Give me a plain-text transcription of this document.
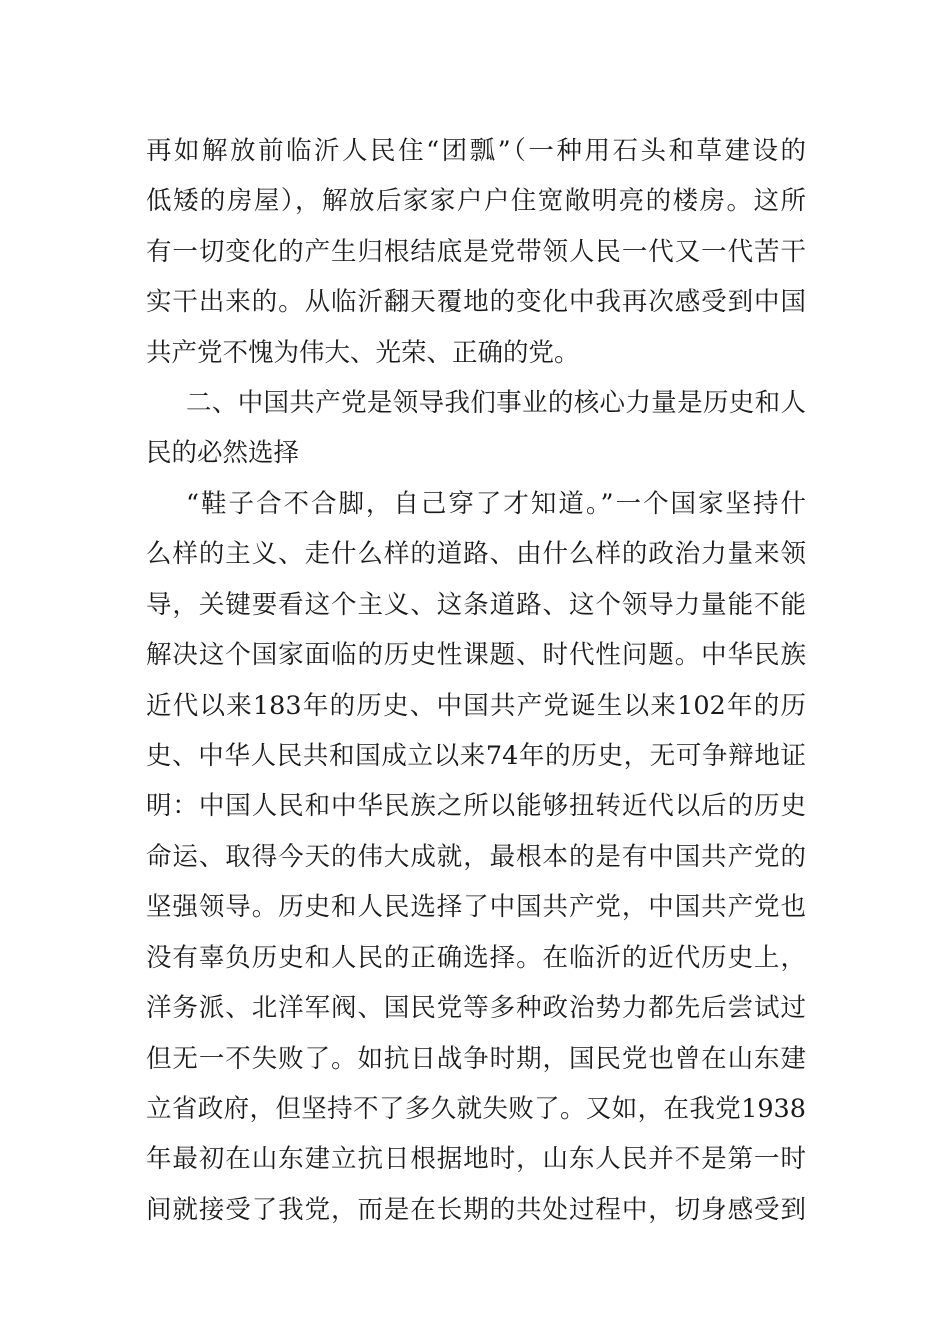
再如解放前临沂人民住“团瓢”（一种用石头和草建设的
低矮的房屋），解放后家家户户住宽敞明亮的楼房。这所
有一切变化的产生归根结底是党带领人民一代又一代苦干
实干出来的。从临沂翻天覆地的变化中我再次感受到中国
共产党不愧为伟大、光荣、正确的党。
二、中国共产党是领导我们事业的核心力量是历史和人
民的必然选择
“鞋子合不合脚，自己穿了才知道。”一个国家坚持什
么样的主义、走什么样的道路、由什么样的政治力量来领
导，关键要看这个主义、这条道路、这个领导力量能不能
解决这个国家面临的历史性课题、时代性问题。中华民族
近代以来183年的历史、中国共产党诞生以来102年的历
史、中华人民共和国成立以来74年的历史，无可争辩地证
明：中国人民和中华民族之所以能够扭转近代以后的历史
命运、取得今天的伟大成就，最根本的是有中国共产党的
坚强领导。历史和人民选择了中国共产党，中国共产党也
没有辜负历史和人民的正确选择。在临沂的近代历史上，
洋务派、北洋军阀、国民党等多种政治势力都先后尝试过
但无一不失败了。如抗日战争时期，国民党也曾在山东建
立省政府，但坚持不了多久就失败了。又如，在我党1938
年最初在山东建立抗日根据地时，山东人民并不是第一时
间就接受了我党，而是在长期的共处过程中，切身感受到
